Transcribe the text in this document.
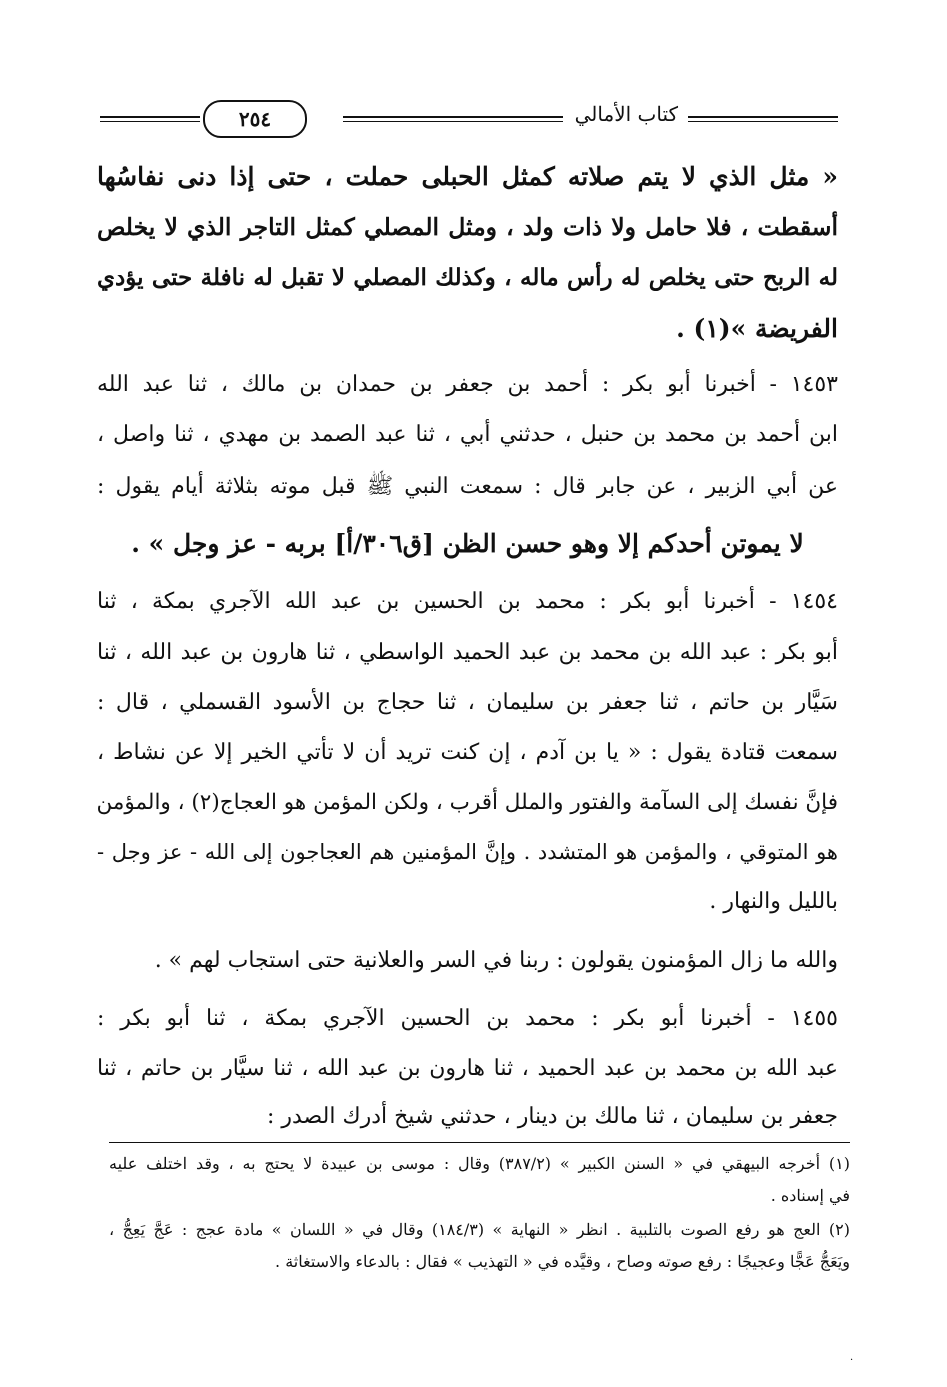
كتاب الأمالي
٢٥٤
« مثل الذي لا يتم صلاته كمثل الحبلى حملت ، حتى إذا دنى نفاسُها
أسقطت ، فلا حامل ولا ذات ولد ، ومثل المصلي كمثل التاجر الذي لا يخلص
له الربح حتى يخلص له رأس ماله ، وكذلك المصلي لا تقبل له نافلة حتى يؤدي
الفريضة »(١) .
١٤٥٣ - أخبرنا أبو بكر : أحمد بن جعفر بن حمدان بن مالك ، ثنا عبد الله
ابن أحمد بن محمد بن حنبل ، حدثني أبي ، ثنا عبد الصمد بن مهدي ، ثنا واصل ،
عن أبي الزبير ، عن جابر قال : سمعت النبي ﷺ قبل موته بثلاثة أيام يقول :
لا يموتن أحدكم إلا وهو حسن الظن [ق٣٠٦/أ] بربه - عز وجل » .
١٤٥٤ - أخبرنا أبو بكر : محمد بن الحسين بن عبد الله الآجري بمكة ، ثنا
أبو بكر : عبد الله بن محمد بن عبد الحميد الواسطي ، ثنا هارون بن عبد الله ، ثنا
سَيَّار بن حاتم ، ثنا جعفر بن سليمان ، ثنا حجاج بن الأسود القسملي ، قال :
سمعت قتادة يقول : « يا بن آدم ، إن كنت تريد أن لا تأتي الخير إلا عن نشاط ،
فإنَّ نفسك إلى السآمة والفتور والملل أقرب ، ولكن المؤمن هو العجاج(٢) ، والمؤمن
هو المتوقي ، والمؤمن هو المتشدد . وإنَّ المؤمنين هم العجاجون إلى الله - عز وجل -
بالليل والنهار .
والله ما زال المؤمنون يقولون : ربنا في السر والعلانية حتى استجاب لهم » .
١٤٥٥ - أخبرنا أبو بكر : محمد بن الحسين الآجري بمكة ، ثنا أبو بكر :
عبد الله بن محمد بن عبد الحميد ، ثنا هارون بن عبد الله ، ثنا سيَّار بن حاتم ، ثنا
جعفر بن سليمان ، ثنا مالك بن دينار ، حدثني شيخ أدرك الصدر :
(١) أخرجه البيهقي في « السنن الكبير » (٣٨٧/٢) وقال : موسى بن عبيدة لا يحتج به ، وقد اختلف عليه
في إسناده .
(٢) العج هو رفع الصوت بالتلبية . انظر « النهاية » (١٨٤/٣) وقال في « اللسان » مادة عجج : عَجَّ يَعِجُّ ،
ويَعَجُّ عَجًّا وعجيجًا : رفع صوته وصاح ، وقيَّده في « التهذيب » فقال : بالدعاء والاستغاثة .
·
